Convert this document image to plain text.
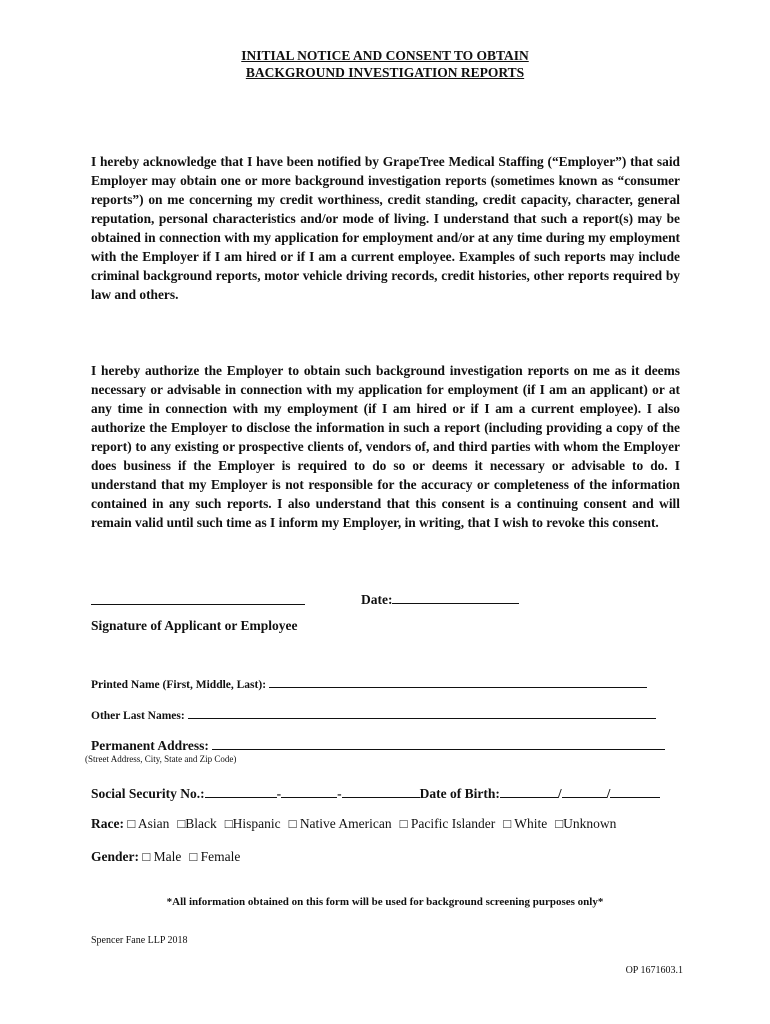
INITIAL NOTICE AND CONSENT TO OBTAIN
BACKGROUND INVESTIGATION REPORTS

I hereby acknowledge that I have been notified by GrapeTree Medical Staffing (“Employer”) that said Employer may obtain one or more background investigation reports (sometimes known as “consumer reports”) on me concerning my credit worthiness, credit standing, credit capacity, character, general reputation, personal characteristics and/or mode of living. I understand that such a report(s) may be obtained in connection with my application for employment and/or at any time during my employment with the Employer if I am hired or if I am a current employee. Examples of such reports may include criminal background reports, motor vehicle driving records, credit histories, other reports required by law and others.

I hereby authorize the Employer to obtain such background investigation reports on me as it deems necessary or advisable in connection with my application for employment (if I am an applicant) or at any time in connection with my employment (if I am hired or if I am a current employee). I also authorize the Employer to disclose the information in such a report (including providing a copy of the report) to any existing or prospective clients of, vendors of, and third parties with whom the Employer does business if the Employer is required to do so or deems it necessary or advisable to do. I understand that my Employer is not responsible for the accuracy or completeness of the information contained in any such reports. I also understand that this consent is a continuing consent and will remain valid until such time as I inform my Employer, in writing, that I wish to revoke this consent.

Date:
Signature of Applicant or Employee
Printed Name (First, Middle, Last):
Other Last Names:
Permanent Address:
(Street Address, City, State and Zip Code)
Social Security No.:	-	-	Date of Birth:	/	/
Race: □ Asian □Black □Hispanic □ Native American □ Pacific Islander □ White □Unknown
Gender: □ Male □ Female
*All information obtained on this form will be used for background screening purposes only*
Spencer Fane LLP 2018
OP 1671603.1
